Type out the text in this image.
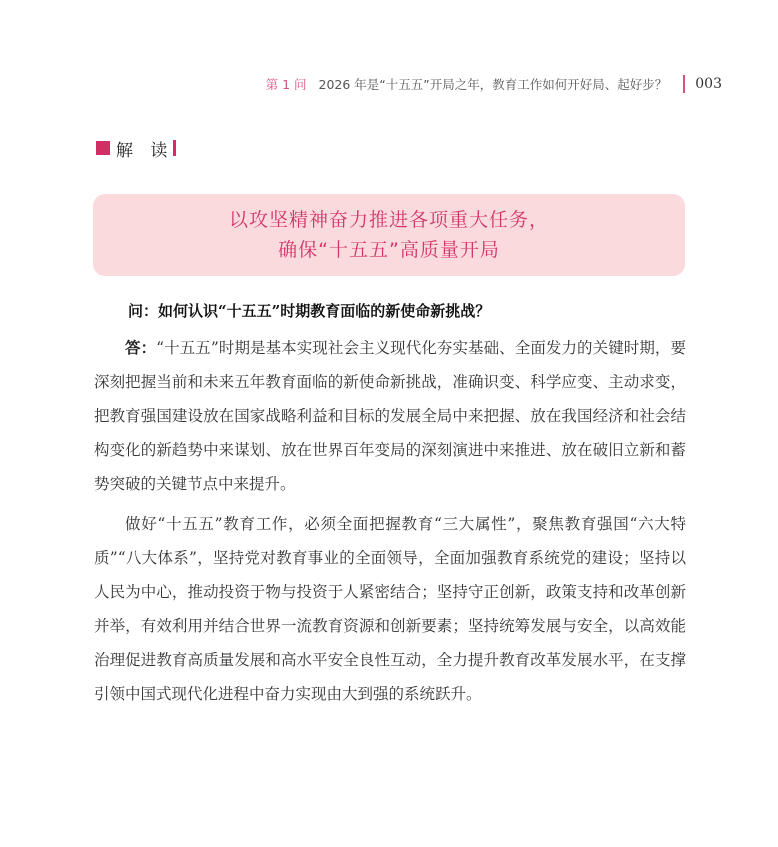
第 1 问 2026 年是“十五五”开局之年，教育工作如何开好局、起好步？ 003
解 读
以攻坚精神奋力推进各项重大任务，
确保“十五五”高质量开局
问：如何认识“十五五”时期教育面临的新使命新挑战？

答：“十五五”时期是基本实现社会主义现代化夯实基础、全面发力的关键时期，要深刻把握当前和未来五年教育面临的新使命新挑战，准确识变、科学应变、主动求变，把教育强国建设放在国家战略利益和目标的发展全局中来把握、放在我国经济和社会结构变化的新趋势中来谋划、放在世界百年变局的深刻演进中来推进、放在破旧立新和蓄势突破的关键节点中来提升。

做好“十五五”教育工作，必须全面把握教育“三大属性”，聚焦教育强国“六大特质”“八大体系”，坚持党对教育事业的全面领导，全面加强教育系统党的建设；坚持以人民为中心，推动投资于物与投资于人紧密结合；坚持守正创新，政策支持和改革创新并举，有效利用并结合世界一流教育资源和创新要素；坚持统筹发展与安全，以高效能治理促进教育高质量发展和高水平安全良性互动，全力提升教育改革发展水平，在支撑引领中国式现代化进程中奋力实现由大到强的系统跃升。
